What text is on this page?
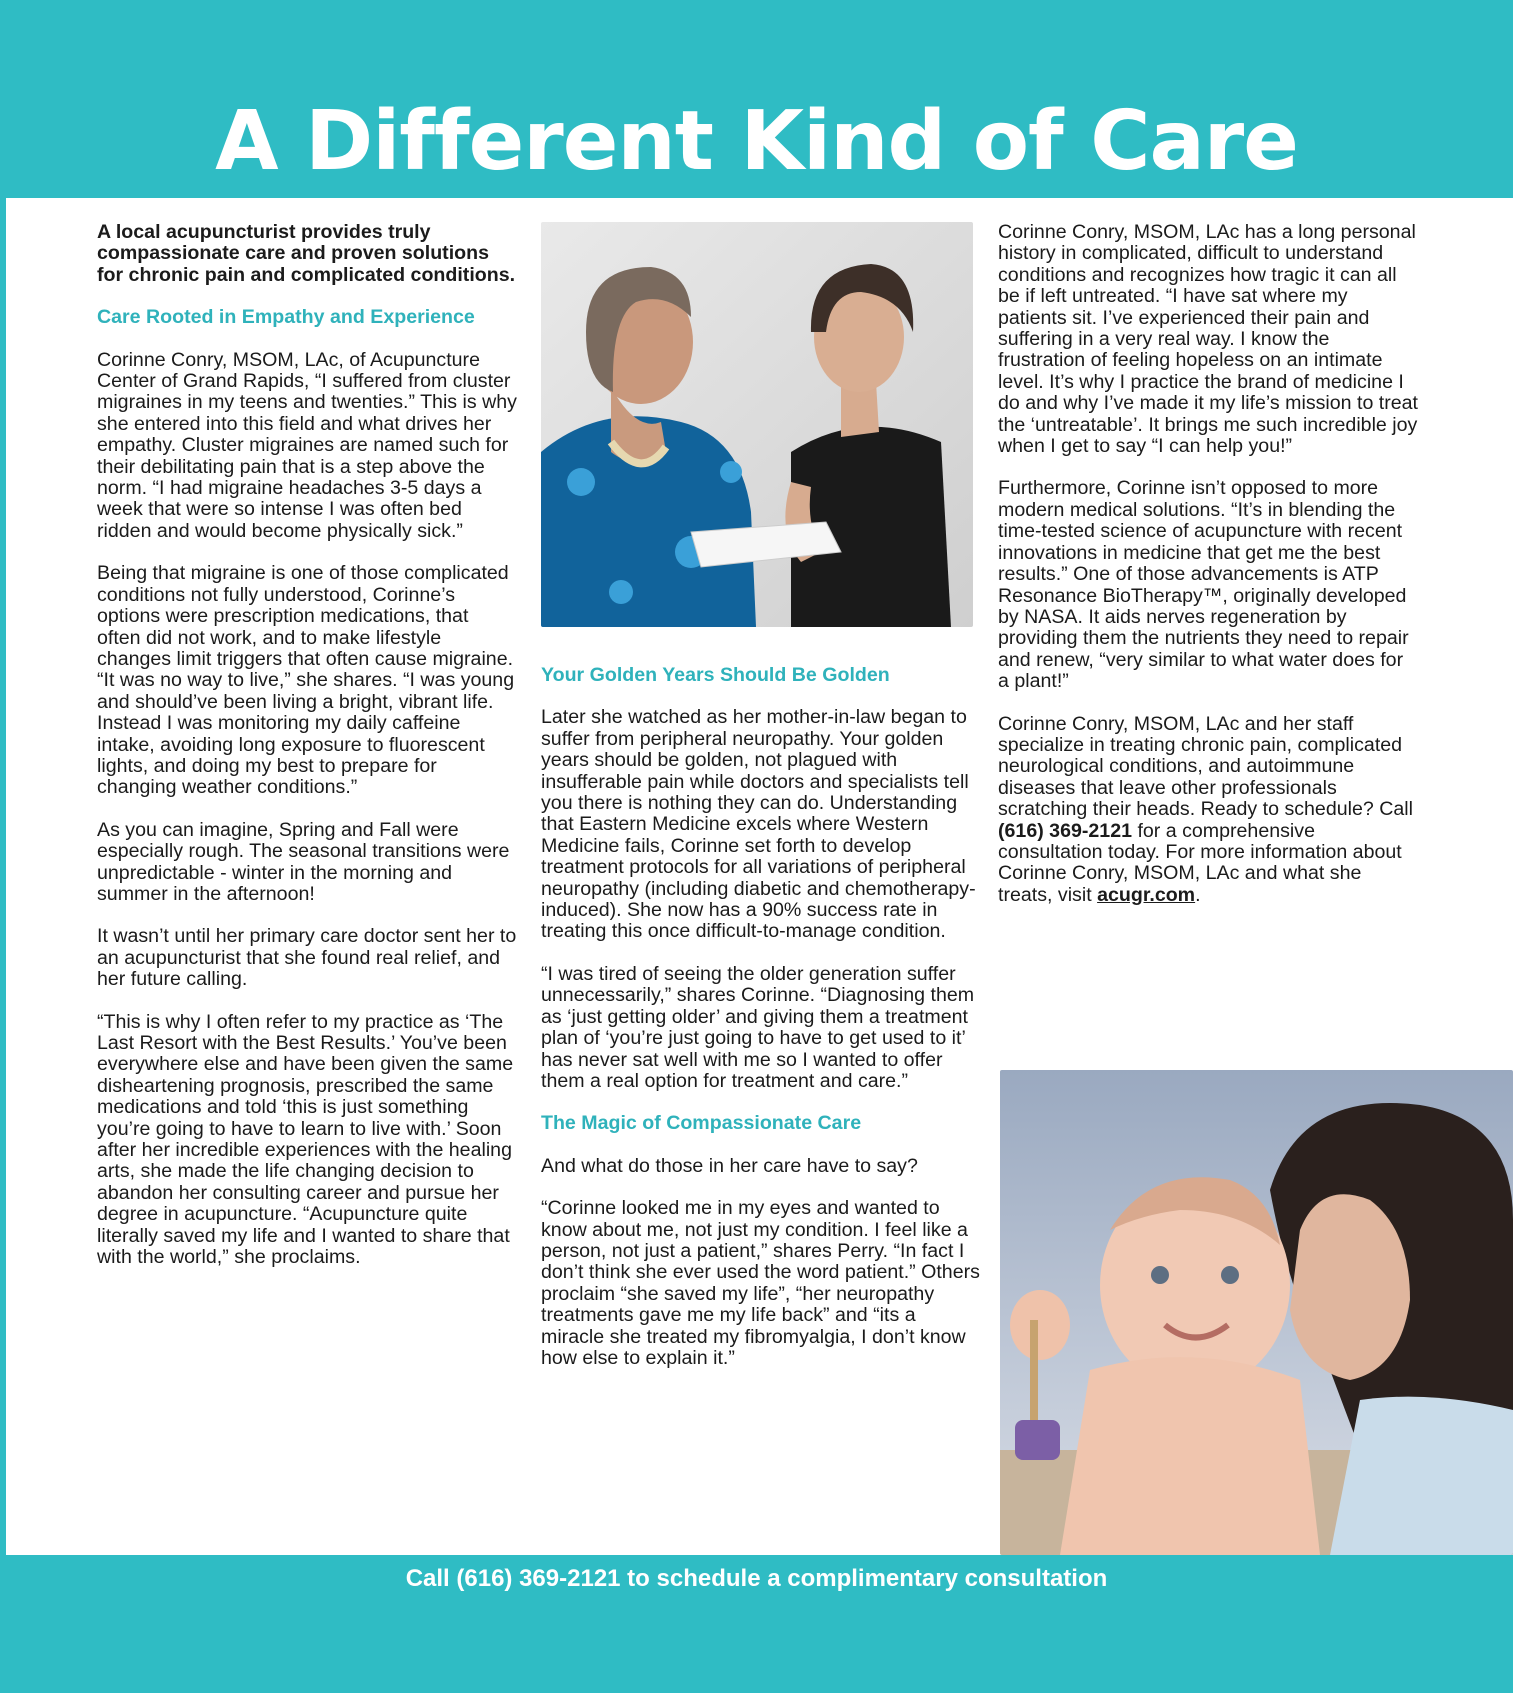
A Different Kind of Care

A local acupuncturist provides truly compassionate care and proven solutions for chronic pain and complicated conditions.

Care Rooted in Empathy and Experience

Corinne Conry, MSOM, LAc, of Acupuncture Center of Grand Rapids, “I suffered from cluster migraines in my teens and twenties.” This is why she entered into this field and what drives her empathy. Cluster migraines are named such for their debilitating pain that is a step above the norm. “I had migraine headaches 3-5 days a week that were so intense I was often bed ridden and would become physically sick.”

Being that migraine is one of those complicated conditions not fully understood, Corinne’s options were prescription medications, that often did not work, and to make lifestyle changes limit triggers that often cause migraine. “It was no way to live,” she shares. “I was young and should’ve been living a bright, vibrant life. Instead I was monitoring my daily caffeine intake, avoiding long exposure to fluorescent lights, and doing my best to prepare for changing weather conditions.”

As you can imagine, Spring and Fall were especially rough. The seasonal transitions were unpredictable - winter in the morning and summer in the afternoon!

It wasn’t until her primary care doctor sent her to an acupuncturist that she found real relief, and her future calling.

“This is why I often refer to my practice as ‘The Last Resort with the Best Results.’ You’ve been everywhere else and have been given the same disheartening prognosis, prescribed the same medications and told ‘this is just something you’re going to have to learn to live with.’ Soon after her incredible experiences with the healing arts, she made the life changing decision to abandon her consulting career and pursue her degree in acupuncture. “Acupuncture quite literally saved my life and I wanted to share that with the world,” she proclaims.

Your Golden Years Should Be Golden

Later she watched as her mother-in-law began to suffer from peripheral neuropathy. Your golden years should be golden, not plagued with insufferable pain while doctors and specialists tell you there is nothing they can do. Understanding that Eastern Medicine excels where Western Medicine fails, Corinne set forth to develop treatment protocols for all variations of peripheral neuropathy (including diabetic and chemotherapy-induced). She now has a 90% success rate in treating this once difficult-to-manage condition.

“I was tired of seeing the older generation suffer unnecessarily,” shares Corinne. “Diagnosing them as ‘just getting older’ and giving them a treatment plan of ‘you’re just going to have to get used to it’ has never sat well with me so I wanted to offer them a real option for treatment and care.”

The Magic of Compassionate Care

And what do those in her care have to say?

“Corinne looked me in my eyes and wanted to know about me, not just my condition. I feel like a person, not just a patient,” shares Perry. “In fact I don’t think she ever used the word patient.” Others proclaim “she saved my life”, “her neuropathy treatments gave me my life back” and “its a miracle she treated my fibromyalgia, I don’t know how else to explain it.”

Corinne Conry, MSOM, LAc has a long personal history in complicated, difficult to understand conditions and recognizes how tragic it can all be if left untreated. “I have sat where my patients sit. I’ve experienced their pain and suffering in a very real way. I know the frustration of feeling hopeless on an intimate level. It’s why I practice the brand of medicine I do and why I’ve made it my life’s mission to treat the ‘untreatable’. It brings me such incredible joy when I get to say “I can help you!”

Furthermore, Corinne isn’t opposed to more modern medical solutions. “It’s in blending the time-tested science of acupuncture with recent innovations in medicine that get me the best results.” One of those advancements is ATP Resonance BioTherapy™, originally developed by NASA. It aids nerves regeneration by providing them the nutrients they need to repair and renew, “very similar to what water does for a plant!”

Corinne Conry, MSOM, LAc and her staff specialize in treating chronic pain, complicated neurological conditions, and autoimmune diseases that leave other professionals scratching their heads. Ready to schedule? Call (616) 369-2121 for a comprehensive consultation today. For more information about Corinne Conry, MSOM, LAc and what she treats, visit acugr.com.

Call (616) 369-2121 to schedule a complimentary consultation
